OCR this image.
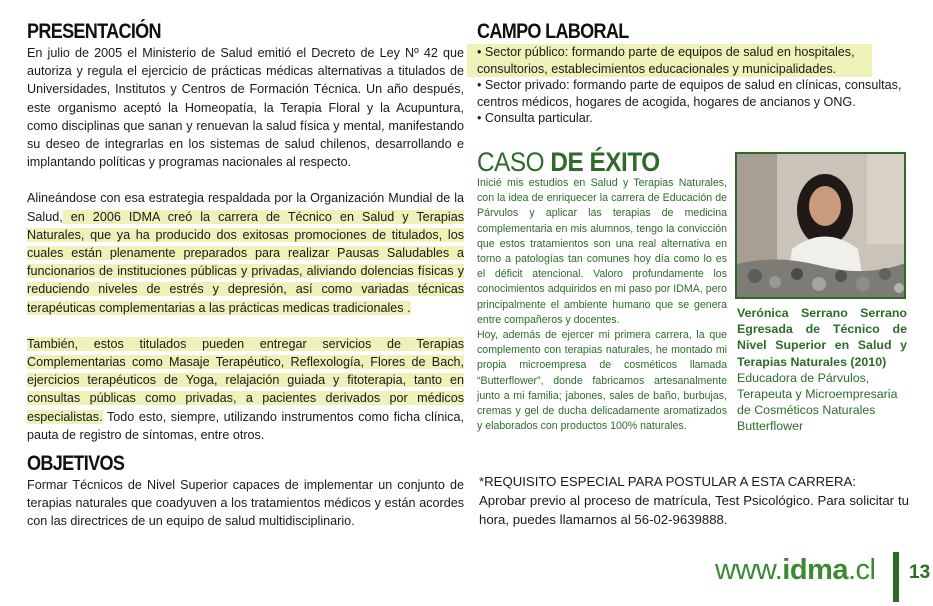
PRESENTACIÓN

En julio de 2005 el Ministerio de Salud emitió el Decreto de Ley Nº 42 que autoriza y regula el ejercicio de prácticas médicas alternativas a titulados de Universidades, Institutos y Centros de Formación Técnica. Un año después, este organismo aceptó la Homeopatía, la Terapia Floral y la Acupuntura, como disciplinas que sanan y renuevan la salud física y mental, manifestando su deseo de integrarlas en los sistemas de salud chilenos, desarrollando e implantando políticas y programas nacionales al respecto.

Alineándose con esa estrategia respaldada por la Organización Mundial de la Salud, en 2006 IDMA creó la carrera de Técnico en Salud y Terapias Naturales, que ya ha producido dos exitosas promociones de titulados, los cuales están plenamente preparados para realizar Pausas Saludables a funcionarios de instituciones públicas y privadas, aliviando dolencias físicas y reduciendo niveles de estrés y depresión, así como variadas técnicas terapéuticas complementarias a las prácticas medicas tradicionales .

También, estos titulados pueden entregar servicios de Terapias Complementarias como Masaje Terapéutico, Reflexología, Flores de Bach, ejercicios terapéuticos de Yoga, relajación guiada y fitoterapia, tanto en consultas públicas como privadas, a pacientes derivados por médicos especialistas. Todo esto, siempre, utilizando instrumentos como ficha clínica, pauta de registro de síntomas, entre otros.

OBJETIVOS

Formar Técnicos de Nivel Superior capaces de implementar un conjunto de terapias naturales que coadyuven a los tratamientos médicos y están acordes con las directrices de un equipo de salud multidisciplinario.

CAMPO LABORAL
• Sector público: formando parte de equipos de salud en hospitales, consultorios, establecimientos educacionales y municipalidades.
• Sector privado: formando parte de equipos de salud en clínicas, consultas, centros médicos, hogares de acogida, hogares de ancianos y ONG.
• Consulta particular.
CASO DE ÉXITO

Inicié mis estudios en Salud y Terapias Naturales, con la idea de enriquecer la carrera de Educación de Párvulos y aplicar las terapias de medicina complementaria en mis alumnos, tengo la convicción que estos tratamientos son una real alternativa en torno a patologías tan comunes hoy día como lo es el déficit atencional. Valoro profundamente los conocimientos adquiridos en mi paso por IDMA, pero principalmente el ambiente humano que se genera entre compañeros y docentes.

Hoy, además de ejercer mi primera carrera, la que complemento con terapias naturales, he montado mi propia microempresa de cosméticos llamada “Butterflower”, donde fabricamos artesanalmente junto a mi familia; jabones, sales de baño, burbujas, cremas y gel de ducha delicadamente aromatizados y elaborados con productos 100% naturales.

Verónica Serrano Serrano Egresada de Técnico de Nivel Superior en Salud y Terapias Naturales (2010)

Educadora de Párvulos,

Terapeuta y Microempresaria

de Cosméticos Naturales

Butterflower

*REQUISITO ESPECIAL PARA POSTULAR A ESTA CARRERA:

Aprobar previo al proceso de matrícula, Test Psicológico. Para solicitar tu hora, puedes llamarnos al 56-02-9639888.

www.idma.cl 13
